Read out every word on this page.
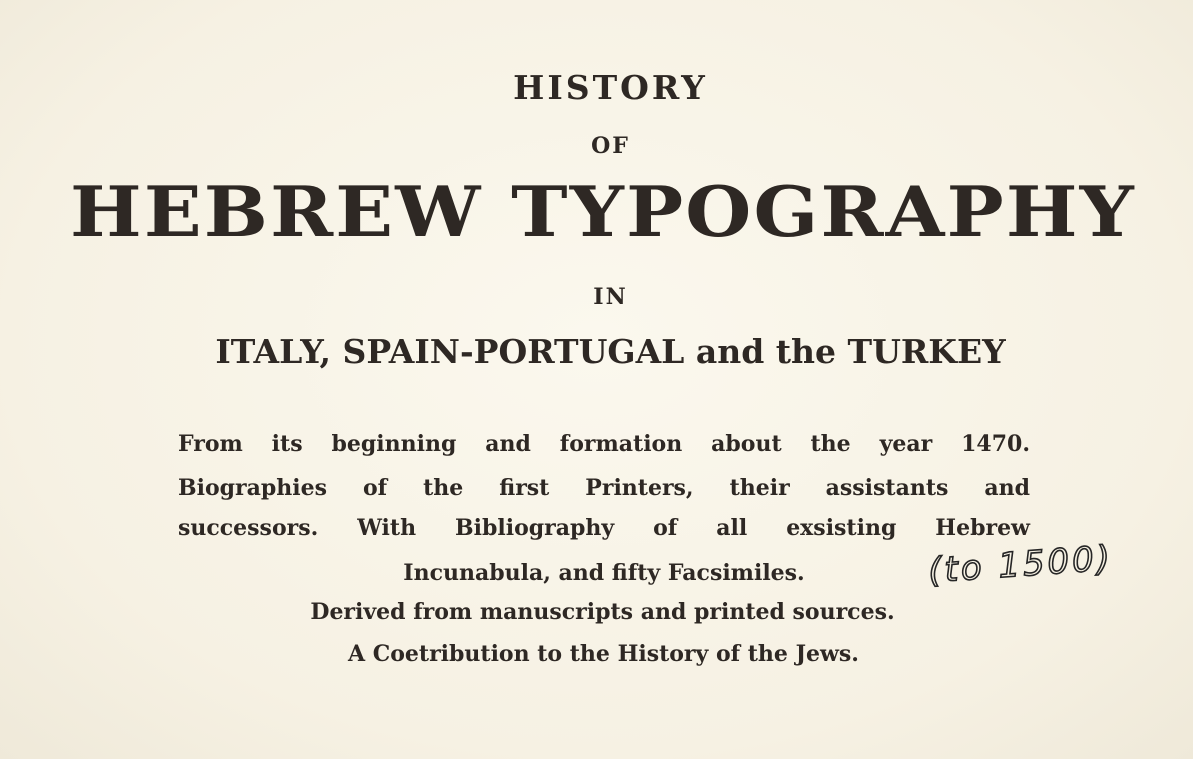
HISTORY
OF
HEBREW TYPOGRAPHY
IN
ITALY, SPAIN-PORTUGAL and the TURKEY
From its beginning and formation about the year 1470.
Biographies of the first Printers, their assistants and
successors. With Bibliography of all exsisting Hebrew
Incunabula, and fifty Facsimiles.
Derived from manuscripts and printed sources.
A Coetribution to the History of the Jews.
(to 1500)
